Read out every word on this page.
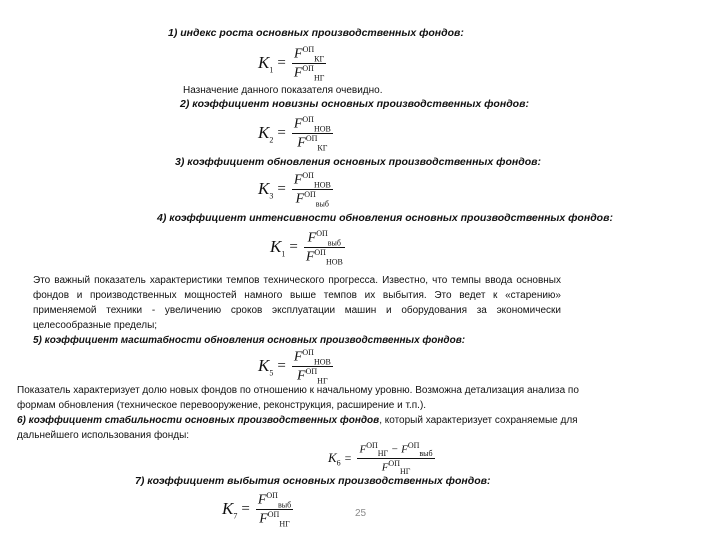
1) индекс роста основных производственных фондов:
$K_1 = \frac{F^{ОП}_{КГ}}{F^{ОП}_{НГ}}$
Назначение данного показателя очевидно.
2) коэффициент новизны основных производственных фондов:
$K_2 = \frac{F^{ОП}_{НОВ}}{F^{ОП}_{КГ}}$
3) коэффициент обновления основных производственных фондов:
$K_3 = \frac{F^{ОП}_{НОВ}}{F^{ОП}_{выб}}$
4) коэффициент интенсивности обновления основных производственных фондов:
$K_1 = \frac{F^{ОП}_{выб}}{F^{ОП}_{НОВ}}$
Это важный показатель характеристики темпов технического прогресса. Известно, что темпы ввода основных фондов и производственных мощностей намного выше темпов их выбытия. Это ведет к «старению» применяемой техники - увеличению сроков эксплуатации машин и оборудования за экономически целесообразные пределы;
5) коэффициент масштабности обновления основных производственных фондов:
$K_5 = \frac{F^{ОП}_{НОВ}}{F^{ОП}_{НГ}}$
Показатель характеризует долю новых фондов по отношению к начальному уровню. Возможна детализация анализа по формам обновления (техническое перевооружение, реконструкция, расширение и т.п.).
6) коэффициент стабильности основных производственных фондов, который характеризует сохраняемые для дальнейшего использования фонды:
$K_6 = \frac{F^{ОП}_{НГ} - F^{ОП}_{выб}}{F^{ОП}_{НГ}}$
7) коэффициент выбытия основных производственных фондов:
$K_7 = \frac{F^{ОП}_{выб}}{F^{ОП}_{НГ}}$	25
